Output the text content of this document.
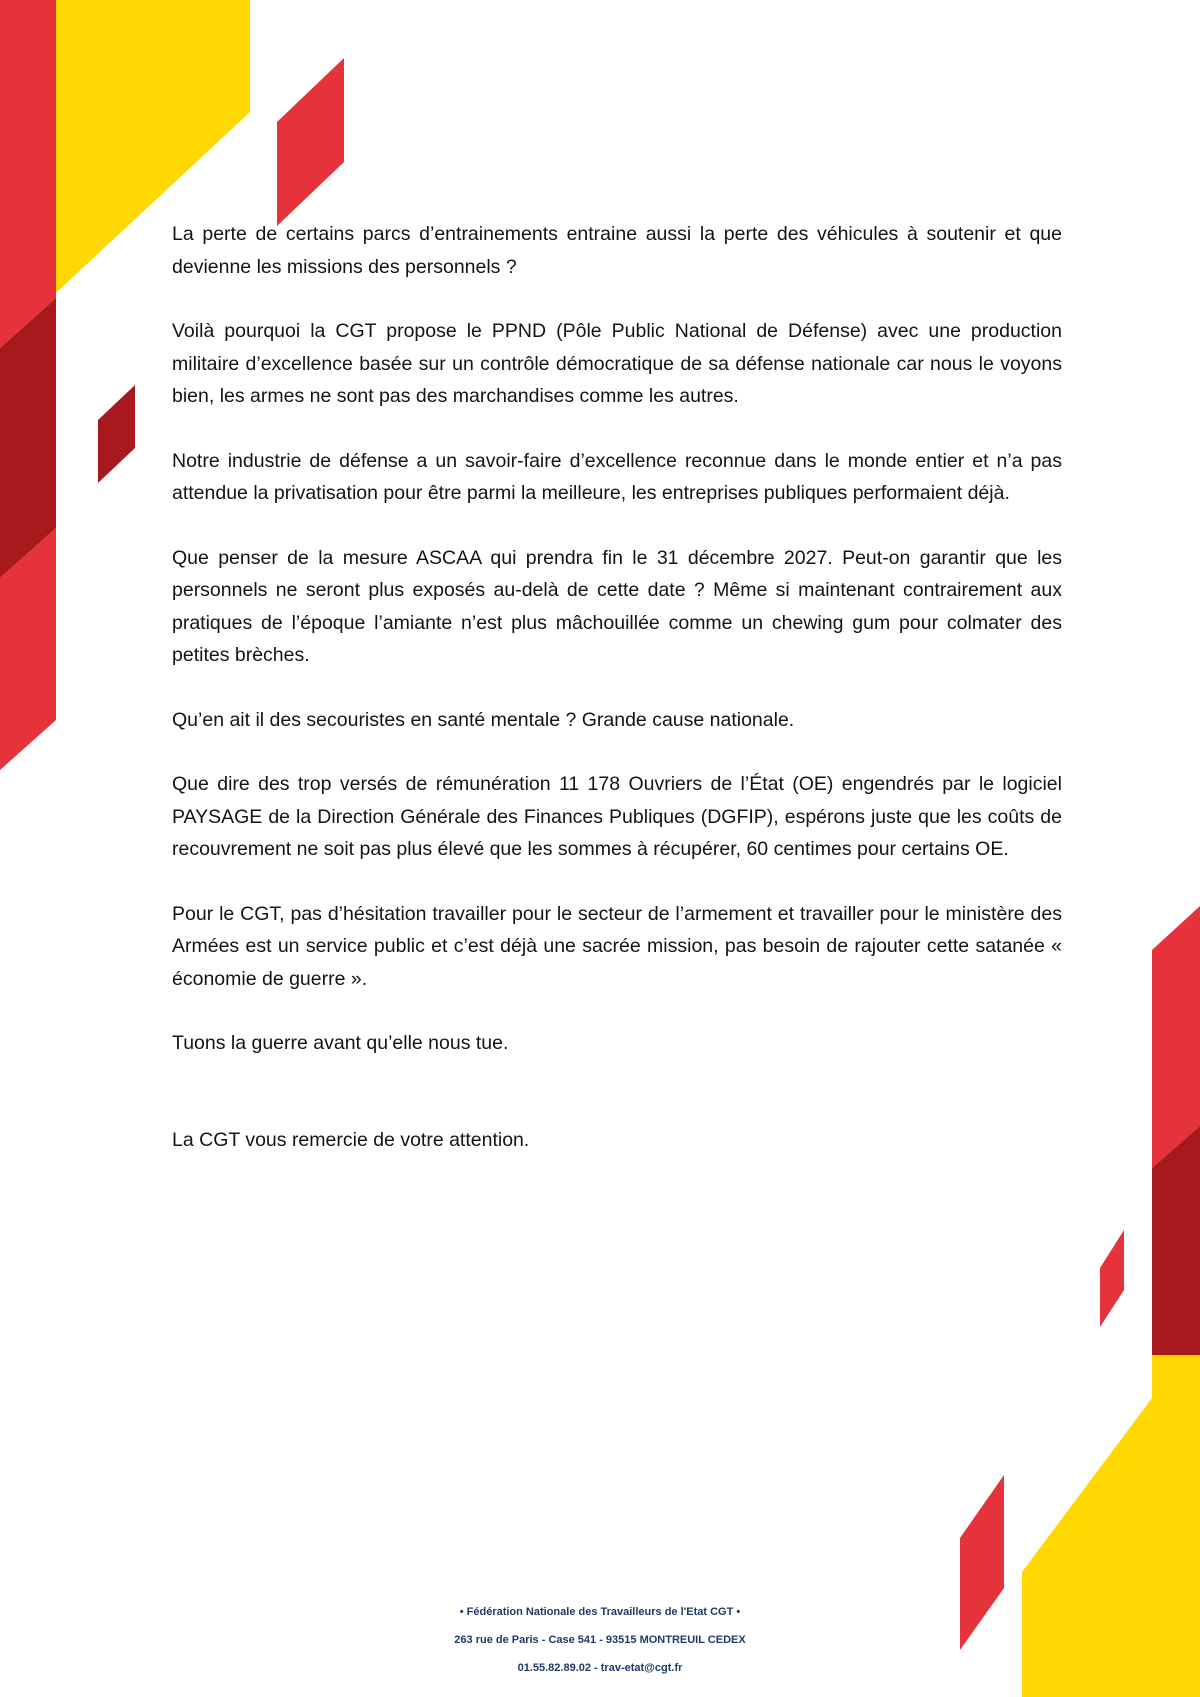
La perte de certains parcs d’entrainements entraine aussi la perte des véhicules à soutenir et que devienne les missions des personnels ?

Voilà pourquoi la CGT propose le PPND (Pôle Public National de Défense) avec une production militaire d’excellence basée sur un contrôle démocratique de sa défense nationale car nous le voyons bien, les armes ne sont pas des marchandises comme les autres.

Notre industrie de défense a un savoir-faire d’excellence reconnue dans le monde entier et n’a pas attendue la privatisation pour être parmi la meilleure, les entreprises publiques performaient déjà.

Que penser de la mesure ASCAA qui prendra fin le 31 décembre 2027. Peut-on garantir que les personnels ne seront plus exposés au-delà de cette date ? Même si maintenant contrairement aux pratiques de l’époque l’amiante n’est plus mâchouillée comme un chewing gum pour colmater des petites brèches.

Qu’en ait il des secouristes en santé mentale ? Grande cause nationale.

Que dire des trop versés de rémunération 11 178 Ouvriers de l’État (OE) engendrés par le logiciel PAYSAGE de la Direction Générale des Finances Publiques (DGFIP), espérons juste que les coûts de recouvrement ne soit pas plus élevé que les sommes à récupérer, 60 centimes pour certains OE.

Pour le CGT, pas d’hésitation travailler pour le secteur de l’armement et travailler pour le ministère des Armées est un service public et c’est déjà une sacrée mission, pas besoin de rajouter cette satanée « économie de guerre ».

Tuons la guerre avant qu’elle nous tue.

La CGT vous remercie de votre attention.

• Fédération Nationale des Travailleurs de l'Etat CGT •
263 rue de Paris - Case 541 - 93515 MONTREUIL CEDEX
01.55.82.89.02 - trav-etat@cgt.fr
